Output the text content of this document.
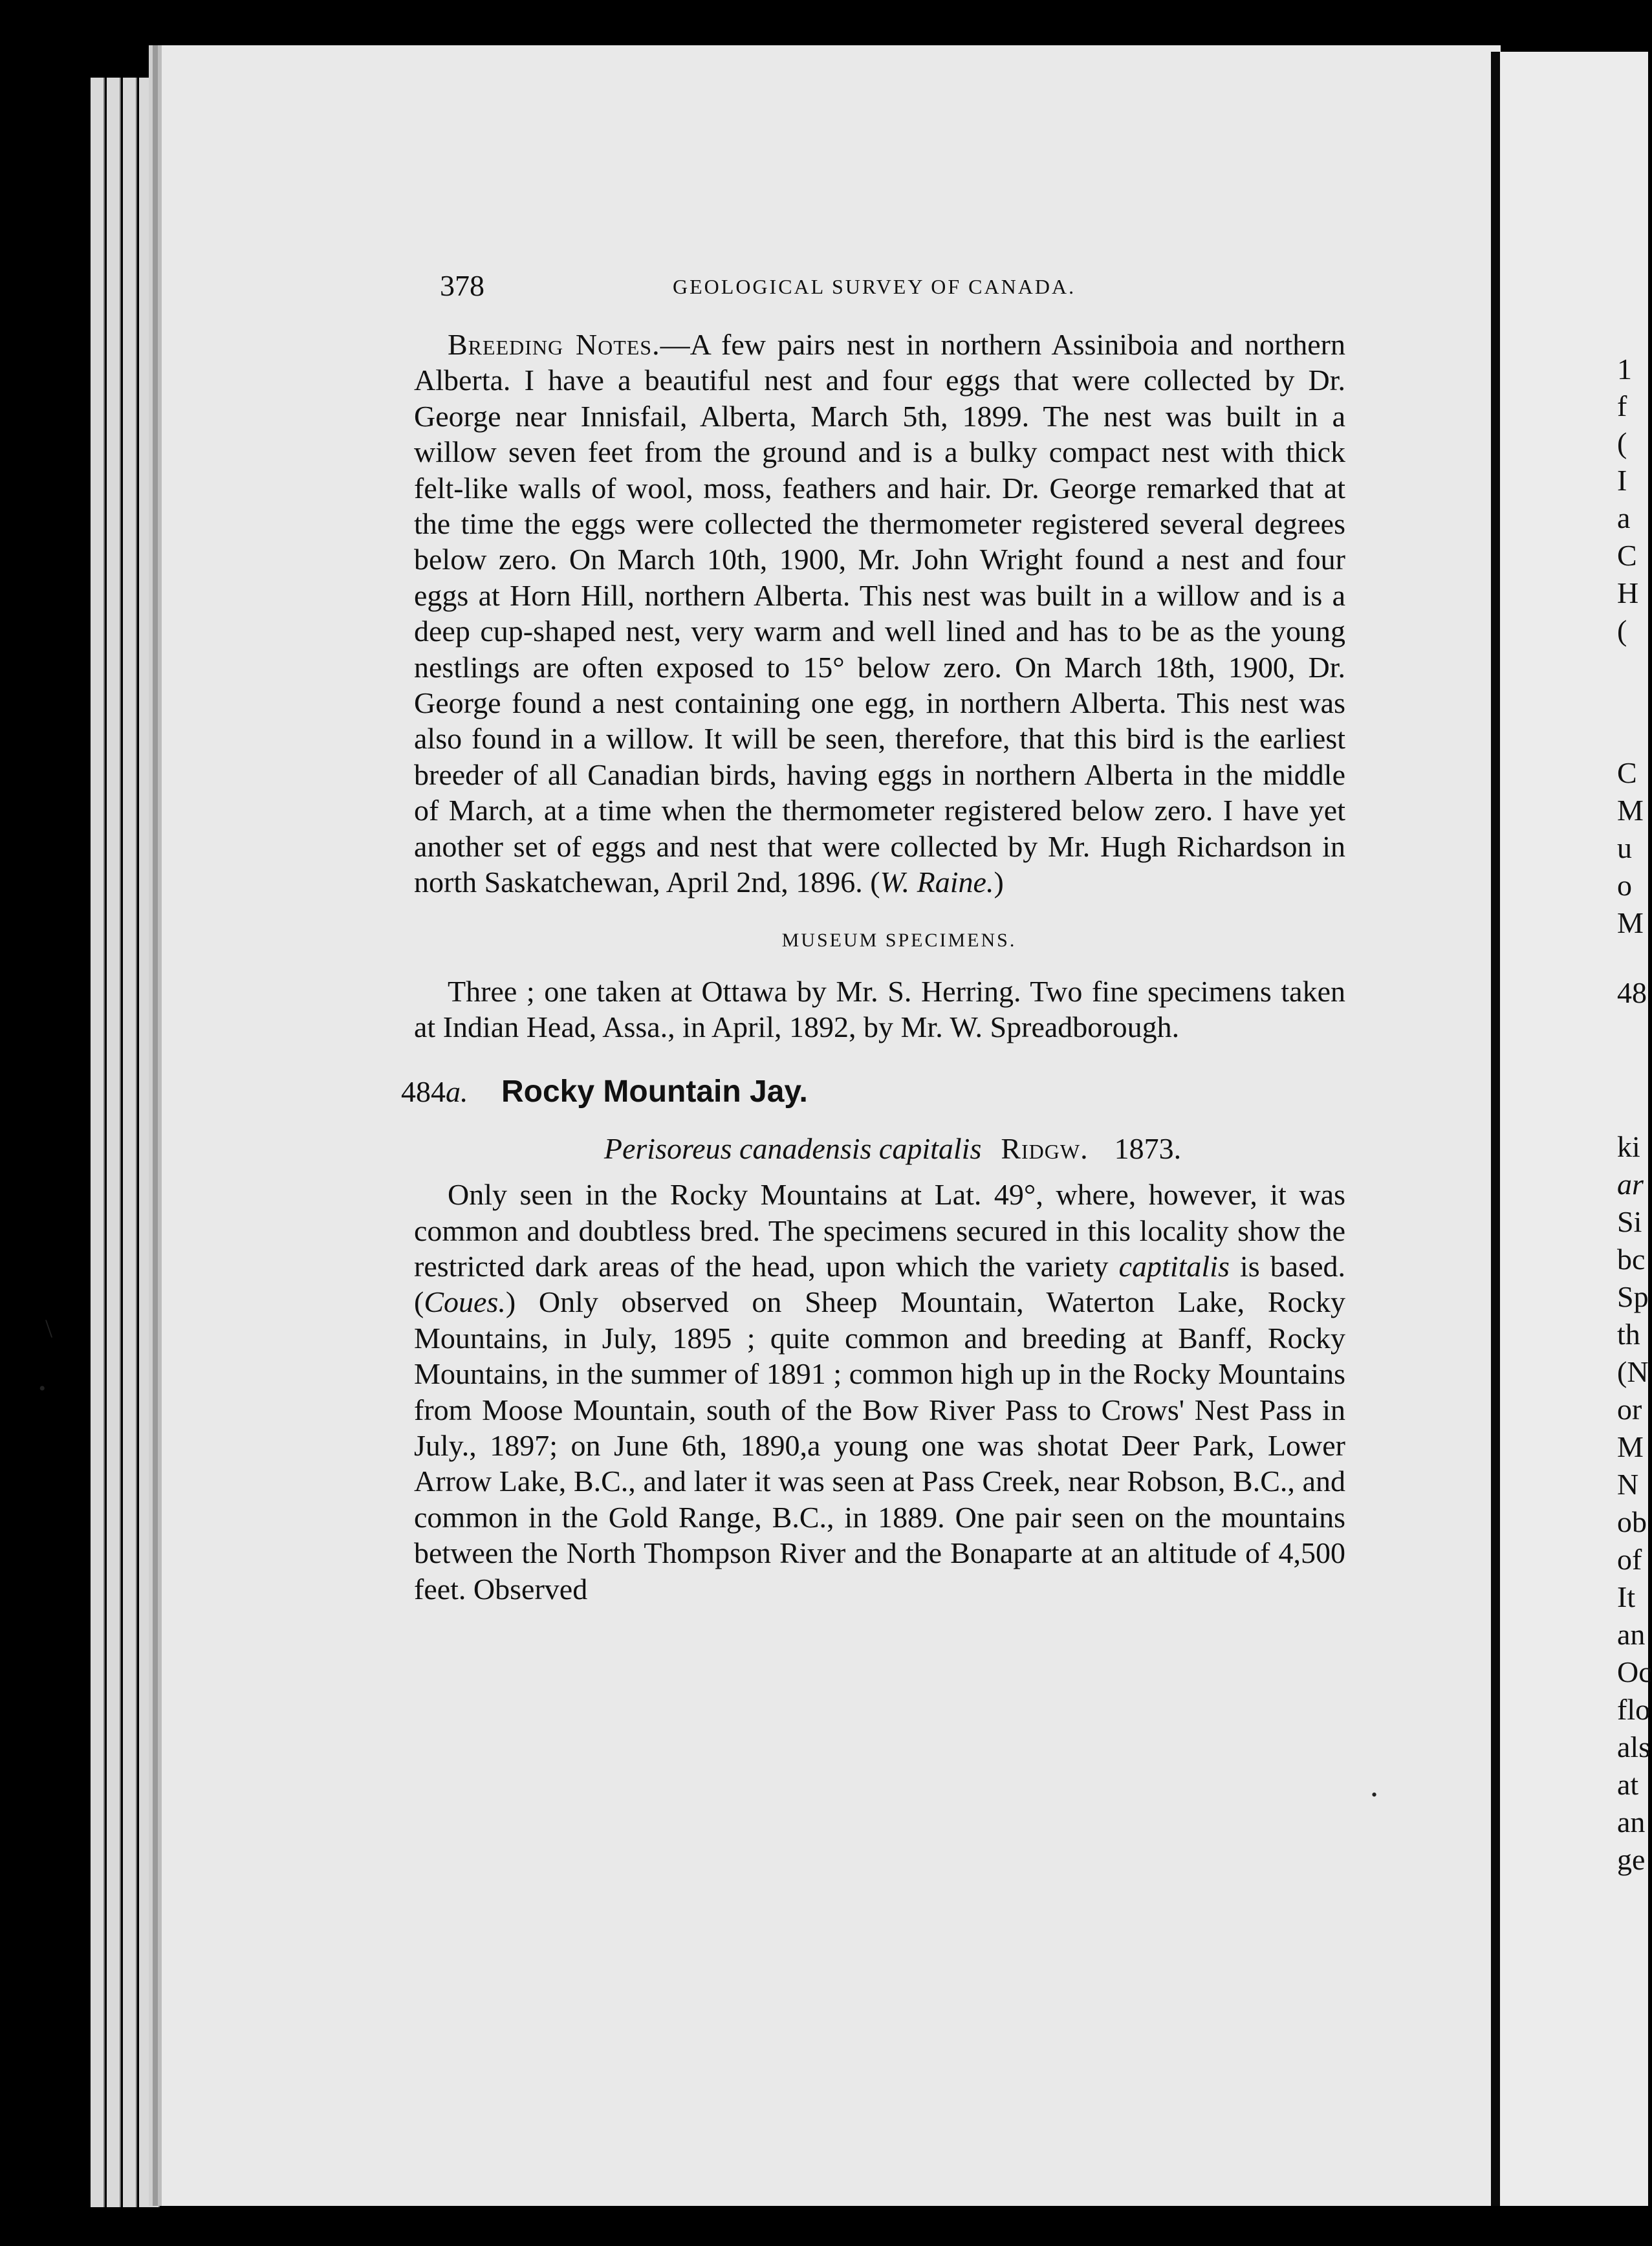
\
•
•
378	GEOLOGICAL SURVEY OF CANADA.

Breeding Notes.—A few pairs nest in northern Assiniboia and northern Alberta. I have a beautiful nest and four eggs that were collected by Dr. George near Innisfail, Alberta, March 5th, 1899. The nest was built in a willow seven feet from the ground and is a bulky compact nest with thick felt-like walls of wool, moss, feathers and hair. Dr. George remarked that at the time the eggs were collected the thermometer registered several degrees below zero. On March 10th, 1900, Mr. John Wright found a nest and four eggs at Horn Hill, northern Alberta. This nest was built in a willow and is a deep cup-shaped nest, very warm and well lined and has to be as the young nestlings are often exposed to 15° below zero. On March 18th, 1900, Dr. George found a nest containing one egg, in northern Alberta. This nest was also found in a willow. It will be seen, therefore, that this bird is the earliest breeder of all Canadian birds, having eggs in northern Alberta in the middle of March, at a time when the thermometer registered below zero. I have yet another set of eggs and nest that were collected by Mr. Hugh Richardson in north Saskatchewan, April 2nd, 1896. (W. Raine.)

MUSEUM SPECIMENS.

Three ; one taken at Ottawa by Mr. S. Herring. Two fine specimens taken at Indian Head, Assa., in April, 1892, by Mr. W. Spreadborough.

484a. Rocky Mountain Jay.
Perisoreus canadensis capitalis Ridgw. 1873.

Only seen in the Rocky Mountains at Lat. 49°, where, however, it was common and doubtless bred. The specimens secured in this locality show the restricted dark areas of the head, upon which the variety captitalis is based. (Coues.) Only observed on Sheep Mountain, Waterton Lake, Rocky Mountains, in July, 1895 ; quite common and breeding at Banff, Rocky Mountains, in the summer of 1891 ; common high up in the Rocky Mountains from Moose Mountain, south of the Bow River Pass to Crows' Nest Pass in July., 1897; on June 6th, 1890,a young one was shotat Deer Park, Lower Arrow Lake, B.C., and later it was seen at Pass Creek, near Robson, B.C., and common in the Gold Range, B.C., in 1889. One pair seen on the mountains between the North Thompson River and the Bonaparte at an altitude of 4,500 feet. Observed

1
f
(
I
a
C
H
(
C
M
u
o
M
48
ki
ar
Si
bc
Sp
th
(N
or
M
N
ob
of
It
an
Oc
flo
als
at
an
ge
